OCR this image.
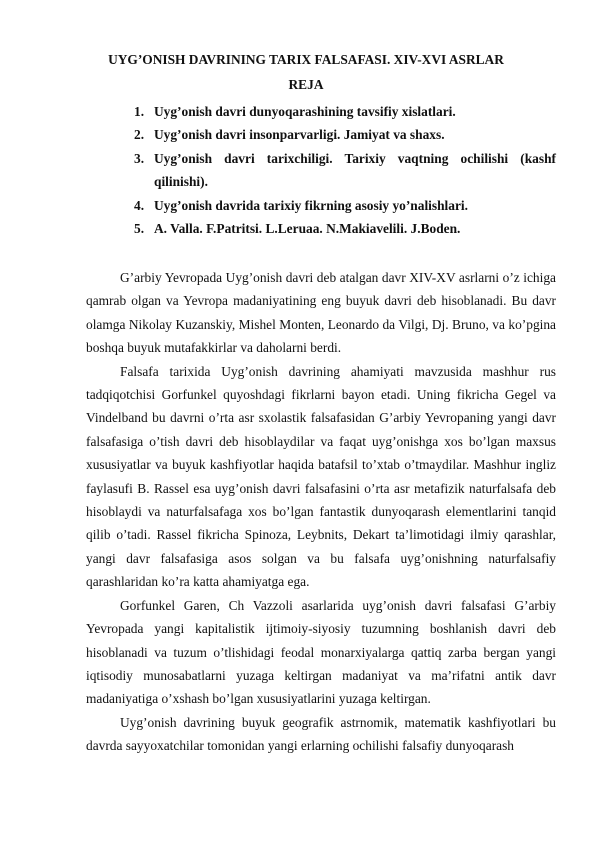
UYG’ONISH DAVRINING TARIX FALSAFASI. XIV-XVI ASRLAR
REJA
1. Uyg’onish davri dunyoqarashining tavsifiy xislatlari.
2. Uyg’onish davri insonparvarligi. Jamiyat va shaxs.
3. Uyg’onish davri tarixchiligi. Tarixiy vaqtning ochilishi (kashf qilinishi).
4. Uyg’onish davrida tarixiy fikrning asosiy yo’nalishlari.
5. A. Valla. F.Patritsi. L.Leruaa. N.Makiavelili. J.Boden.

G’arbiy Yevropada Uyg’onish davri deb atalgan davr XIV-XV asrlarni o’z ichiga qamrab olgan va Yevropa madaniyatining eng buyuk davri deb hisoblanadi. Bu davr olamga Nikolay Kuzanskiy, Mishel Monten, Leonardo da Vilgi, Dj. Bruno, va ko’pgina boshqa buyuk mutafakkirlar va daholarni berdi.

Falsafa tarixida Uyg’onish davrining ahamiyati mavzusida mashhur rus tadqiqotchisi Gorfunkel quyoshdagi fikrlarni bayon etadi. Uning fikricha Gegel va Vindelband bu davrni o’rta asr sxolastik falsafasidan G’arbiy Yevropaning yangi davr falsafasiga o’tish davri deb hisoblaydilar va faqat uyg’onishga xos bo’lgan maxsus xususiyatlar va buyuk kashfiyotlar haqida batafsil to’xtab o’tmaydilar. Mashhur ingliz faylasufi B. Rassel esa uyg’onish davri falsafasini o’rta asr metafizik naturfalsafa deb hisoblaydi va naturfalsafaga xos bo’lgan fantastik dunyoqarash elementlarini tanqid qilib o’tadi. Rassel fikricha Spinoza, Leybnits, Dekart ta’limotidagi ilmiy qarashlar, yangi davr falsafasiga asos solgan va bu falsafa uyg’onishning naturfalsafiy qarashlaridan ko’ra katta ahamiyatga ega.

Gorfunkel Garen, Ch Vazzoli asarlarida uyg’onish davri falsafasi G’arbiy Yevropada yangi kapitalistik ijtimoiy-siyosiy tuzumning boshlanish davri deb hisoblanadi va tuzum o’tlishidagi feodal monarxiyalarga qattiq zarba bergan yangi iqtisodiy munosabatlarni yuzaga keltirgan madaniyat va ma’rifatni antik davr madaniyatiga o’xshash bo’lgan xususiyatlarini yuzaga keltirgan.

Uyg’onish davrining buyuk geografik astrnomik, matematik kashfiyotlari bu davrda sayyoxatchilar tomonidan yangi erlarning ochilishi falsafiy dunyoqarash
